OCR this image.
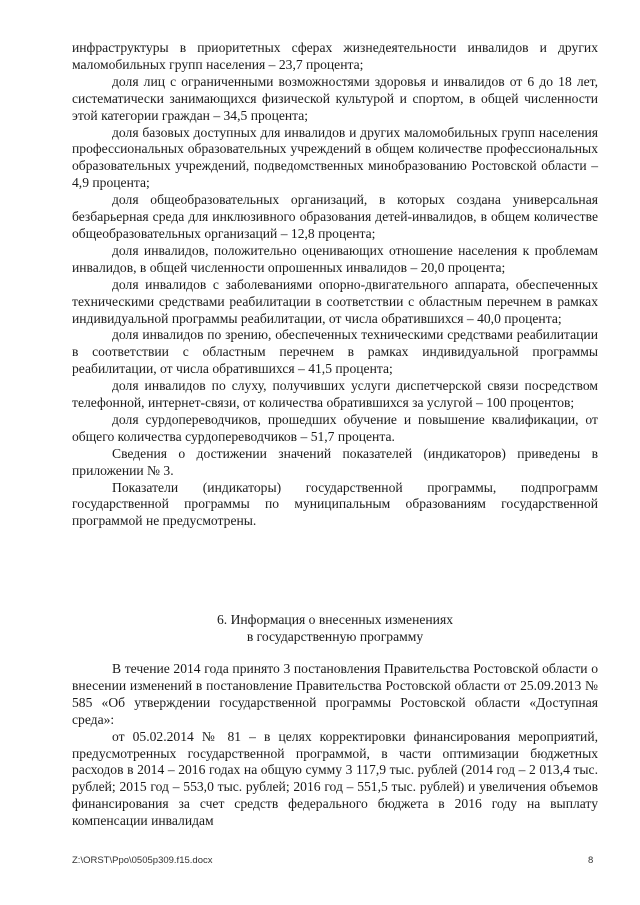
инфраструктуры в приоритетных сферах жизнедеятельности инвалидов и других маломобильных групп населения – 23,7 процента;

доля лиц с ограниченными возможностями здоровья и инвалидов от 6 до 18 лет, систематически занимающихся физической культурой и спортом, в общей численности этой категории граждан – 34,5 процента;

доля базовых доступных для инвалидов и других маломобильных групп населения профессиональных образовательных учреждений в общем количестве профессиональных образовательных учреждений, подведомственных минобразованию Ростовской области – 4,9 процента;

доля общеобразовательных организаций, в которых создана универсальная безбарьерная среда для инклюзивного образования детей-инвалидов, в общем количестве общеобразовательных организаций – 12,8 процента;

доля инвалидов, положительно оценивающих отношение населения к проблемам инвалидов, в общей численности опрошенных инвалидов – 20,0 процента;

доля инвалидов с заболеваниями опорно-двигательного аппарата, обеспеченных техническими средствами реабилитации в соответствии с областным перечнем в рамках индивидуальной программы реабилитации, от числа обратившихся – 40,0 процента;

доля инвалидов по зрению, обеспеченных техническими средствами реабилитации в соответствии с областным перечнем в рамках индивидуальной программы реабилитации, от числа обратившихся – 41,5 процента;

доля инвалидов по слуху, получивших услуги диспетчерской связи посредством телефонной, интернет-связи, от количества обратившихся за услугой – 100 процентов;

доля сурдопереводчиков, прошедших обучение и повышение квалификации, от общего количества сурдопереводчиков – 51,7 процента.

Сведения о достижении значений показателей (индикаторов) приведены в приложении № 3.

Показатели (индикаторы) государственной программы, подпрограмм государственной программы по муниципальным образованиям государственной программой не предусмотрены.

6. Информация о внесенных изменениях
в государственную программу

В течение 2014 года принято 3 постановления Правительства Ростовской области о внесении изменений в постановление Правительства Ростовской области от 25.09.2013 № 585 «Об утверждении государственной программы Ростовской области «Доступная среда»:

от 05.02.2014 № 81 – в целях корректировки финансирования мероприятий, предусмотренных государственной программой, в части оптимизации бюджетных расходов в 2014 – 2016 годах на общую сумму 3 117,9 тыс. рублей (2014 год – 2 013,4 тыс. рублей; 2015 год – 553,0 тыс. рублей; 2016 год – 551,5 тыс. рублей) и увеличения объемов финансирования за счет средств федерального бюджета в 2016 году на выплату компенсации инвалидам

Z:\ORST\Ppo\0505p309.f15.docx	8
